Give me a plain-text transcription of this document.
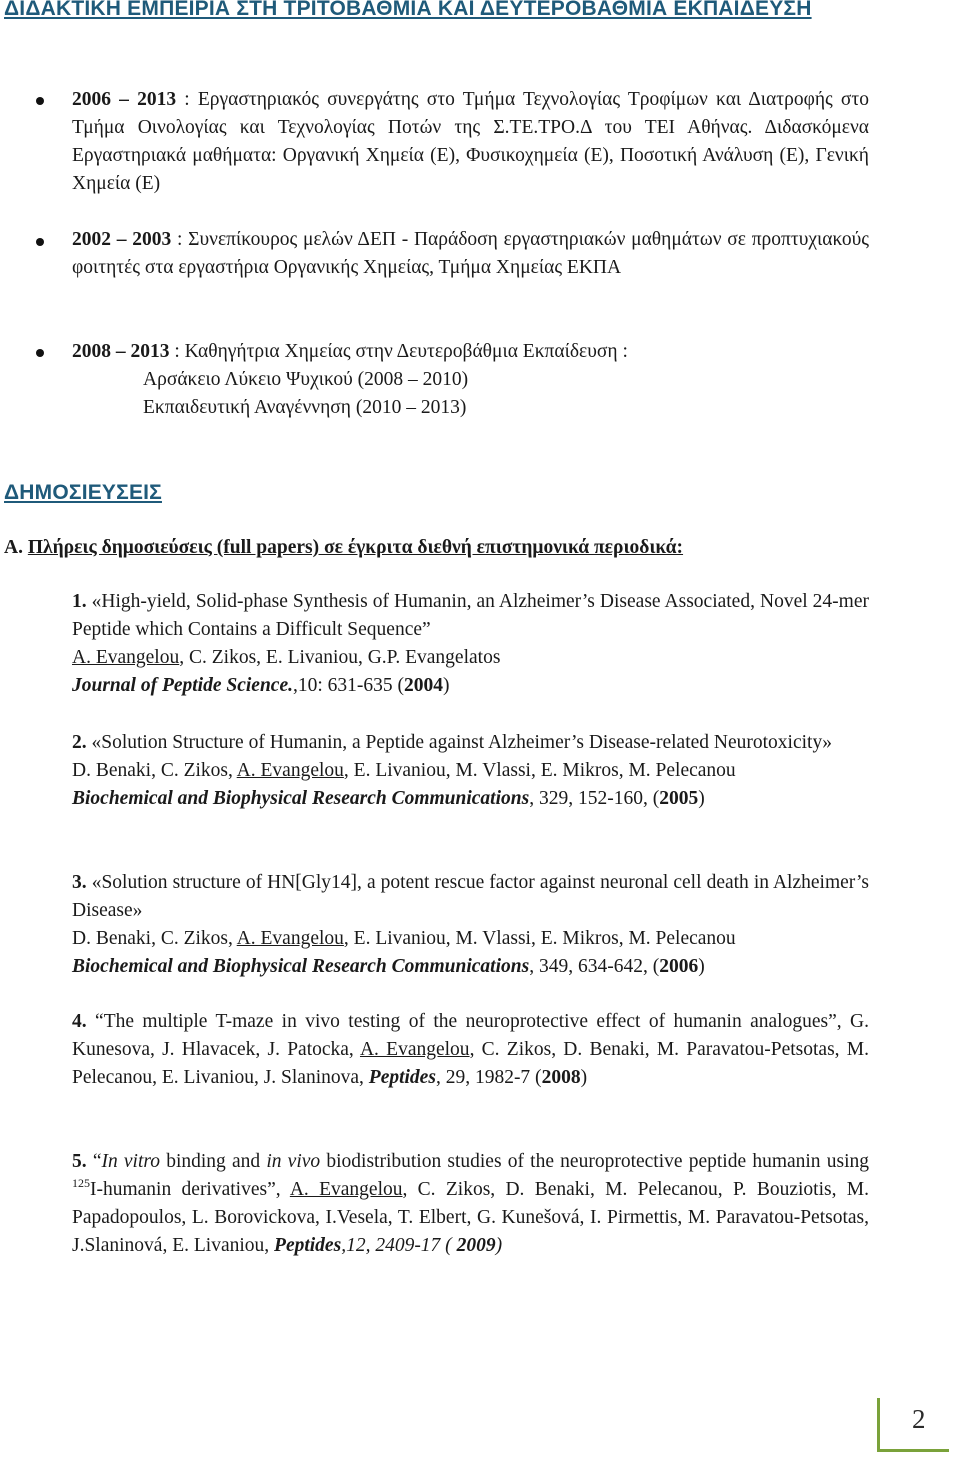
ΔΙΔΑΚΤΙΚΗ ΕΜΠΕΙΡΙΑ ΣΤΗ ΤΡΙΤΟΒΑΘΜΙΑ ΚΑΙ ΔΕΥΤΕΡΟΒΑΘΜΙΑ ΕΚΠΑΙΔΕΥΣΗ

2006 – 2013 : Εργαστηριακός συνεργάτης στο Τμήμα Τεχνολογίας Τροφίμων και Διατροφής στο Τμήμα Οινολογίας και Τεχνολογίας Ποτών της Σ.ΤΕ.ΤΡΟ.Δ του ΤΕΙ Αθήνας. Διδασκόμενα Εργαστηριακά μαθήματα: Οργανική Χημεία (Ε), Φυσικοχημεία (Ε), Ποσοτική Ανάλυση (Ε), Γενική Χημεία (Ε)

2002 – 2003 : Συνεπίκουρος μελών ΔΕΠ - Παράδοση εργαστηριακών μαθημάτων σε προπτυχιακούς φοιτητές στα εργαστήρια Οργανικής Χημείας, Τμήμα Χημείας ΕΚΠΑ

2008 – 2013 : Καθηγήτρια Χημείας στην Δευτεροβάθμια Εκπαίδευση :
Αρσάκειο Λύκειο Ψυχικού (2008 – 2010)
Εκπαιδευτική Αναγέννηση (2010 – 2013)

ΔΗΜΟΣΙΕΥΣΕΙΣ

Α. Πλήρεις δημοσιεύσεις (full papers) σε έγκριτα διεθνή επιστημονικά περιοδικά:

1. «High-yield, Solid-phase Synthesis of Humanin, an Alzheimer’s Disease Associated, Novel 24-mer Peptide which Contains a Difficult Sequence”
A. Evangelou, C. Zikos, E. Livaniou, G.P. Evangelatos
Journal of Peptide Science.,10: 631-635 (2004)
2. «Solution Structure of Humanin, a Peptide against Alzheimer’s Disease-related Neurotoxicity»
D. Benaki, C. Zikos, A. Evangelou, E. Livaniou, M. Vlassi, E. Mikros, M. Pelecanou
Biochemical and Biophysical Research Communications, 329, 152-160, (2005)
3. «Solution structure of HN[Gly14], a potent rescue factor against neuronal cell death in Alzheimer’s Disease»
D. Benaki, C. Zikos, A. Evangelou, E. Livaniou, M. Vlassi, E. Mikros, M. Pelecanou
Biochemical and Biophysical Research Communications, 349, 634-642, (2006)
4. “The multiple T-maze in vivo testing of the neuroprotective effect of humanin analogues”, G. Kunesova, J. Hlavacek, J. Patocka, A. Evangelou, C. Zikos, D. Benaki, M. Paravatou-Petsotas, M. Pelecanou, E. Livaniou, J. Slaninova, Peptides, 29, 1982-7 (2008)
5. “In vitro binding and in vivo biodistribution studies of the neuroprotective peptide humanin using $^{125}$I-humanin derivatives”, A. Evangelou, C. Zikos, D. Benaki, M. Pelecanou, P. Bouziotis, M. Papadopoulos, L. Borovickova, I.Vesela, T. Elbert, G. Kunešová, I. Pirmettis, M. Paravatou-Petsotas, J.Slaninová, E. Livaniou, Peptides,12, 2409-17 ( 2009)
2
